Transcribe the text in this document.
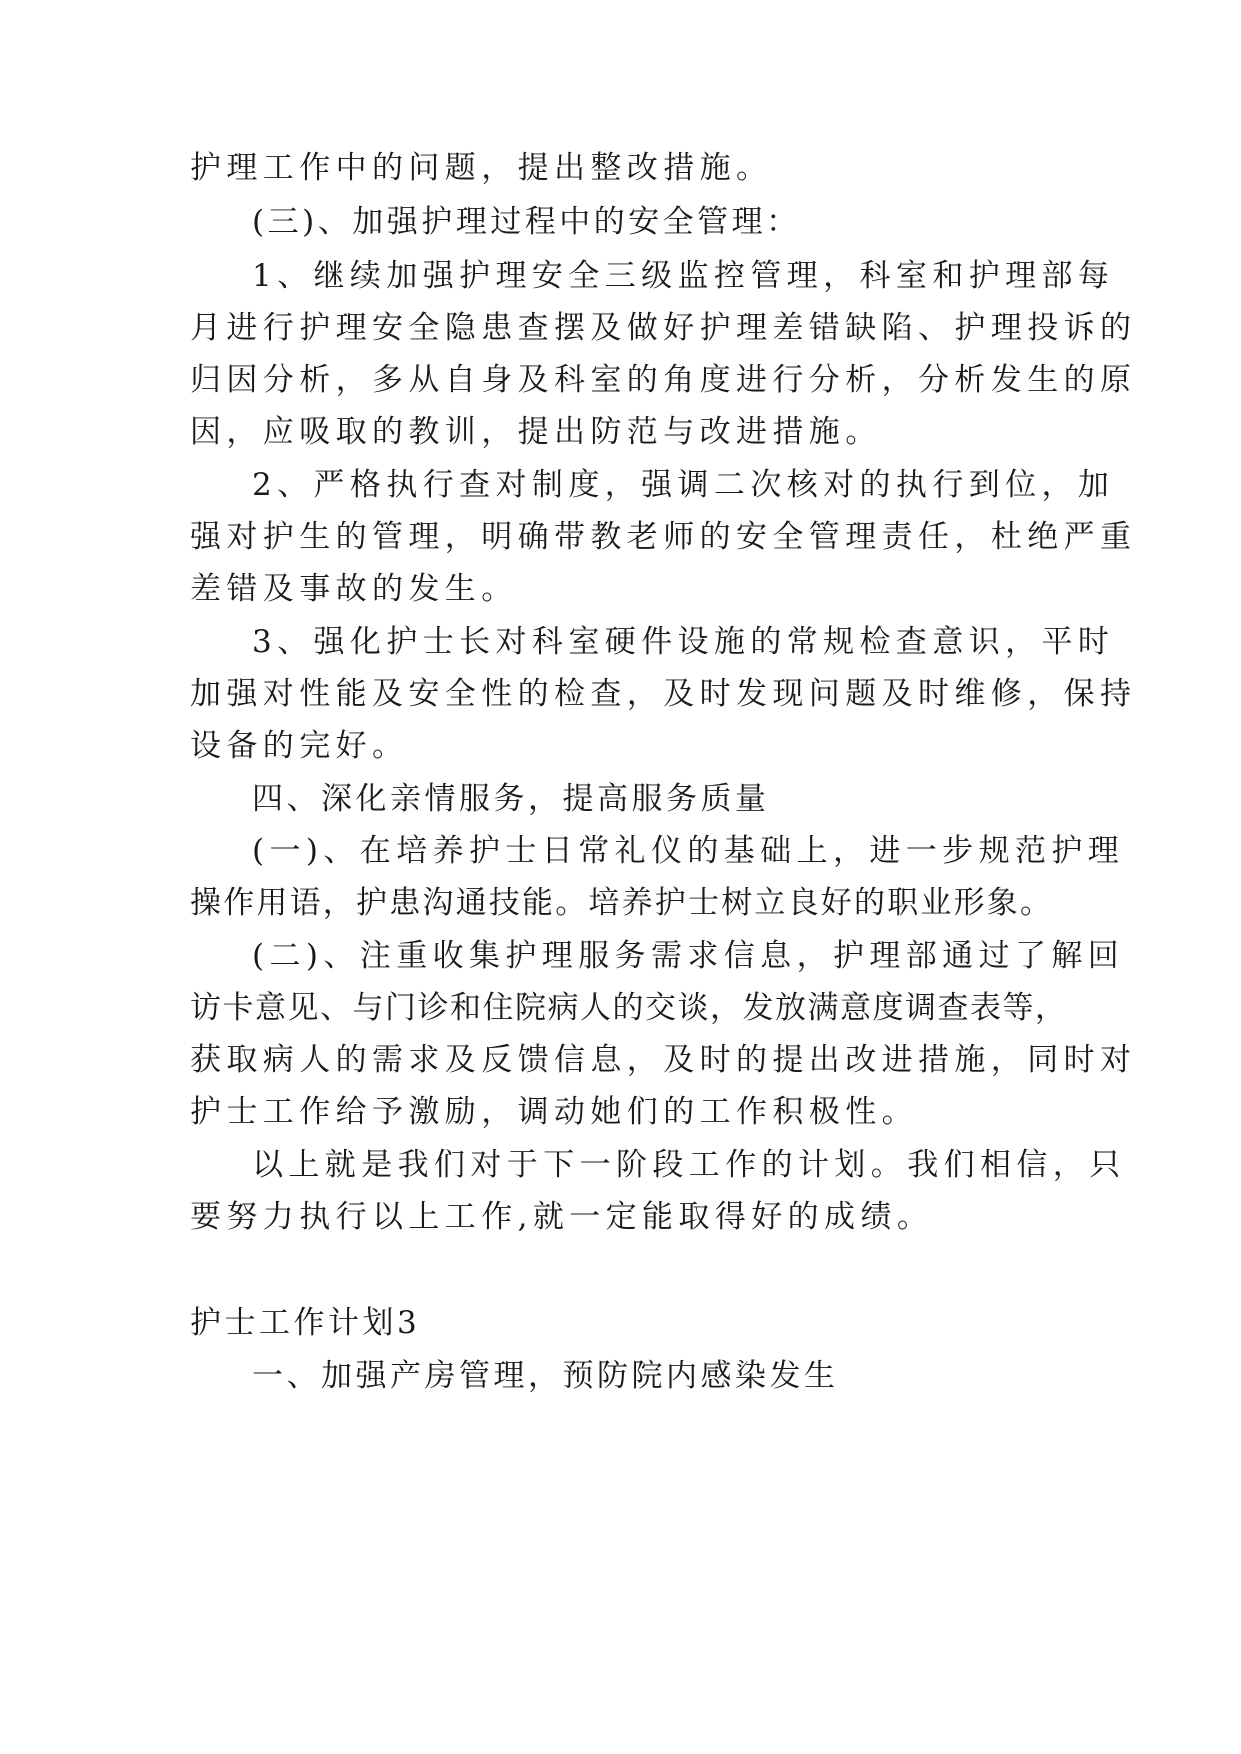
护理工作中的问题，提出整改措施。

(三)、加强护理过程中的安全管理：

1、继续加强护理安全三级监控管理，科室和护理部每

月进行护理安全隐患查摆及做好护理差错缺陷、护理投诉的

归因分析，多从自身及科室的角度进行分析，分析发生的原

因，应吸取的教训，提出防范与改进措施。

2、严格执行查对制度，强调二次核对的执行到位，加

强对护生的管理，明确带教老师的安全管理责任，杜绝严重

差错及事故的发生。

3、强化护士长对科室硬件设施的常规检查意识，平时

加强对性能及安全性的检查，及时发现问题及时维修，保持

设备的完好。

四、深化亲情服务，提高服务质量

(一)、在培养护士日常礼仪的基础上，进一步规范护理

操作用语，护患沟通技能。培养护士树立良好的职业形象。

(二)、注重收集护理服务需求信息，护理部通过了解回

访卡意见、与门诊和住院病人的交谈，发放满意度调查表等，

获取病人的需求及反馈信息，及时的提出改进措施，同时对

护士工作给予激励，调动她们的工作积极性。

以上就是我们对于下一阶段工作的计划。我们相信，只

要努力执行以上工作,就一定能取得好的成绩。

护士工作计划3

一、加强产房管理，预防院内感染发生
